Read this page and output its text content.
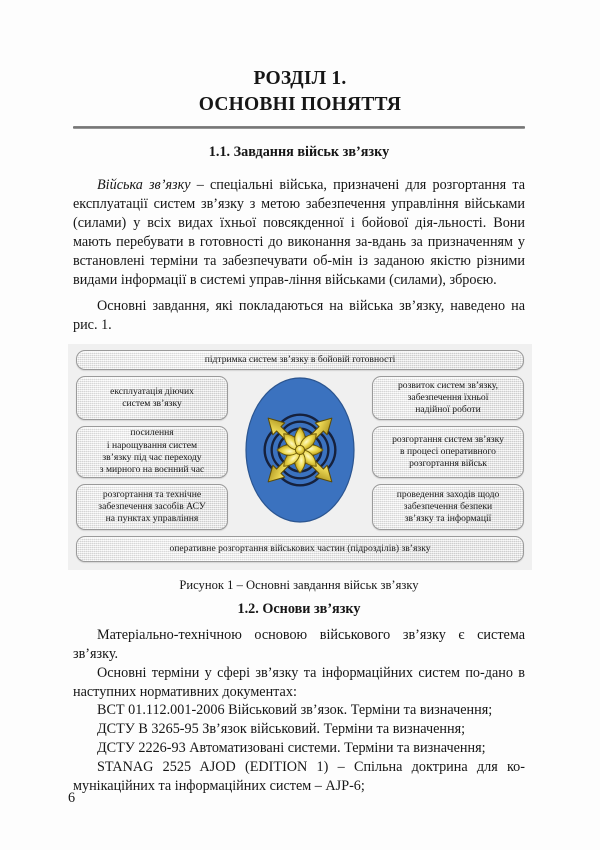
РОЗДІЛ 1.
ОСНОВНІ ПОНЯТТЯ
1.1. Завдання військ зв’язку

Війська зв’язку – спеціальні війська, призначені для розгортання та експлуатації систем зв’язку з метою забезпечення управління військами (силами) у всіх видах їхньої повсякденної і бойової дія-льності. Вони мають перебувати в готовності до виконання за-вдань за призначенням у встановлені терміни та забезпечувати об-мін із заданою якістю різними видами інформації в системі управ-ління військами (силами), зброєю.

Основні завдання, які покладаються на війська зв’язку, наведено на рис. 1.

підтримка систем зв’язку в бойовій готовності
експлуатація діючих
систем зв’язку
посилення
і нарощування систем
зв’язку під час переходу
з мирного на воєнний час
розгортання та технічне
забезпечення засобів АСУ
на пунктах управління
розвиток систем зв’язку,
забезпечення їхньої
надійної роботи
розгортання систем зв’язку
в процесі оперативного
розгортання військ
проведення заходів щодо
забезпечення безпеки
зв’язку та інформації
оперативне розгортання військових частин (підрозділів) зв’язку
Рисунок 1 – Основні завдання військ зв’язку
1.2. Основи зв’язку

Матеріально-технічною основою військового зв’язку є система зв’язку.

Основні терміни у сфері зв’язку та інформаційних систем по-дано в наступних нормативних документах:

ВСТ 01.112.001-2006 Військовий зв’язок. Терміни та визначення;

ДСТУ В 3265-95 Зв’язок військовий. Терміни та визначення;

ДСТУ 2226-93 Автоматизовані системи. Терміни та визначення;

STANAG 2525 AJOD (EDITION 1) – Спільна доктрина для ко-мунікаційних та інформаційних систем – AJP-6;

6
